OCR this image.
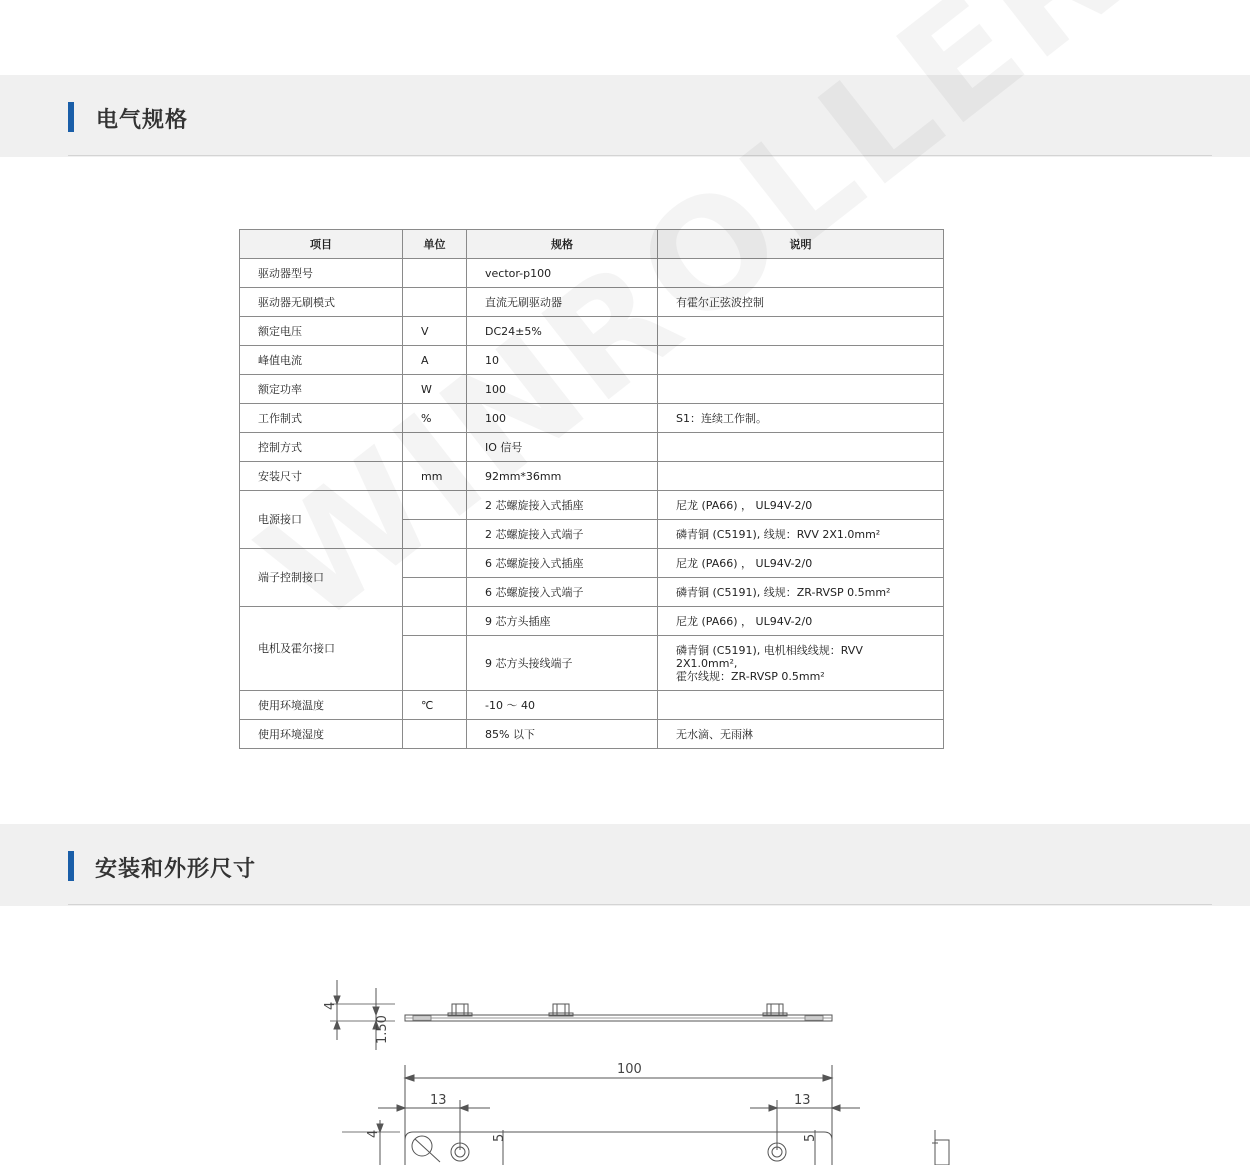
电气规格
项目	单位	规格	说明
驱动器型号		vector-p100	
驱动器无刷模式		直流无刷驱动器	有霍尔正弦波控制
额定电压	V	DC24±5%	
峰值电流	A	10	
额定功率	W	100	
工作制式	%	100	S1：连续工作制。
控制方式		IO 信号	
安装尺寸	mm	92mm*36mm	
电源接口		2 芯螺旋接入式插座	尼龙 (PA66) ， UL94V-2/0
		2 芯螺旋接入式端子	磷青铜 (C5191), 线规：RVV 2X1.0mm²
端子控制接口		6 芯螺旋接入式插座	尼龙 (PA66) ， UL94V-2/0
		6 芯螺旋接入式端子	磷青铜 (C5191), 线规：ZR-RVSP 0.5mm²
电机及霍尔接口		9 芯方头插座	尼龙 (PA66) ， UL94V-2/0
		9 芯方头接线端子	磷青铜 (C5191), 电机相线线规：RVV 2X1.0mm²,
霍尔线规：ZR-RVSP 0.5mm²

使用环境温度	℃	-10 ～ 40	
使用环境湿度		85% 以下	无水滴、无雨淋
安装和外形尺寸
4
1.50
100
13	13
4	5	5
